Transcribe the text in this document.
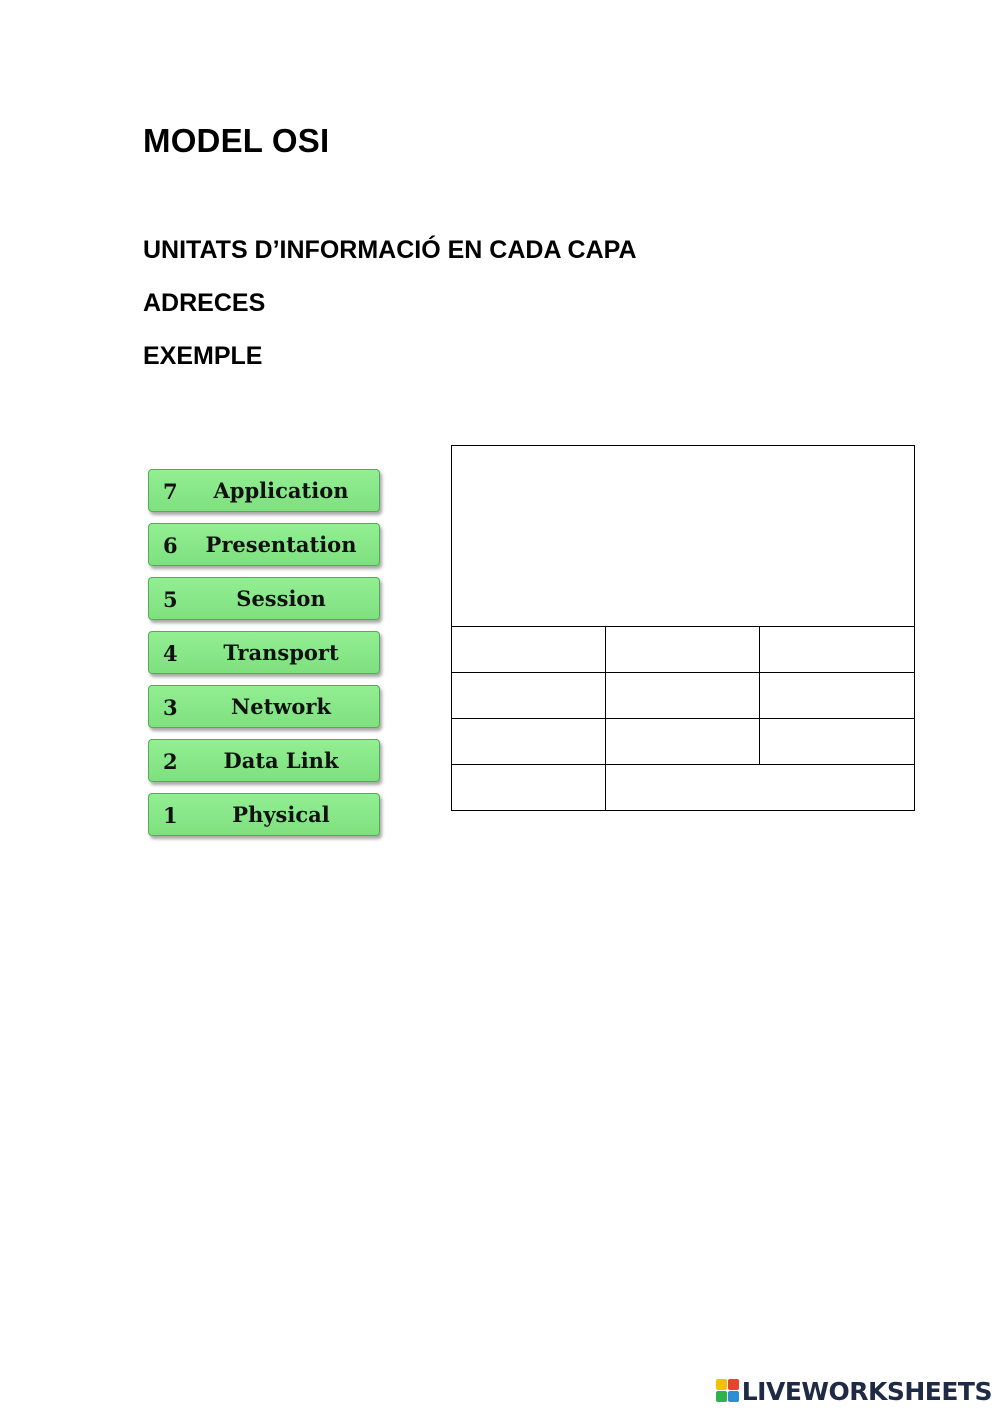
MODEL OSI
UNITATS D’INFORMACIÓ EN CADA CAPA
ADRECES
EXEMPLE
7	Application
6	Presentation
5	Session
4	Transport
3	Network
2	Data Link
1	Physical
LIVEWORKSHEETS
